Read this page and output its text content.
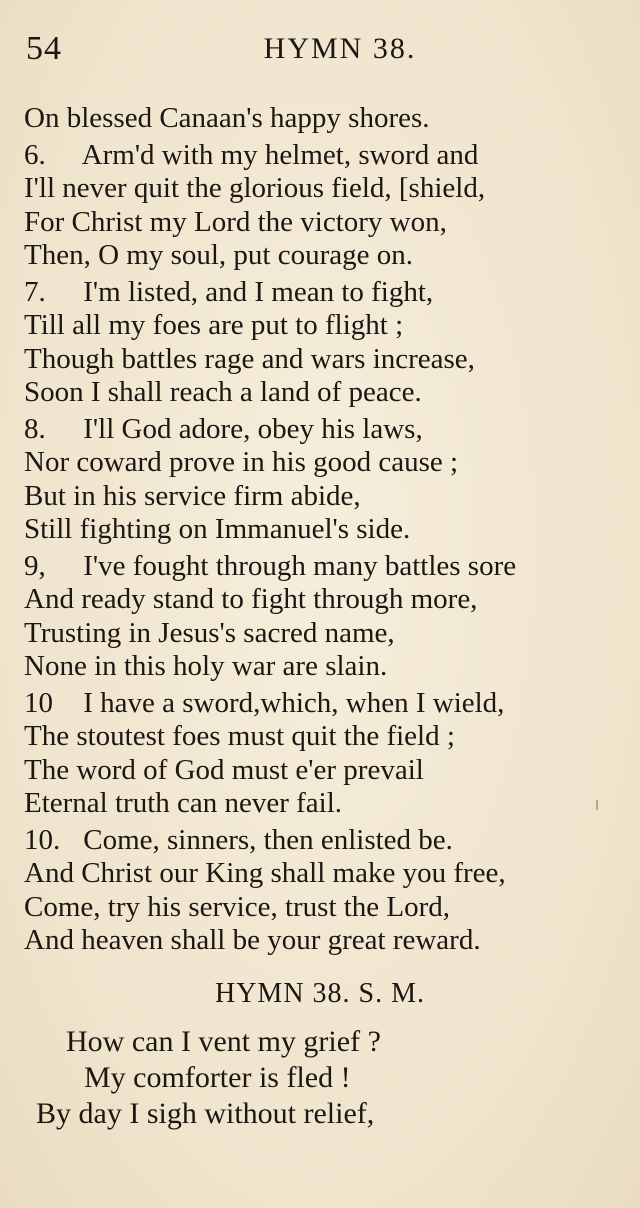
54	HYMN 38.
On blessed Canaan's happy shores.
6. Arm'd with my helmet, sword and
I'll never quit the glorious field, [shield,
For Christ my Lord the victory won,
Then, O my soul, put courage on.
7. I'm listed, and I mean to fight,
Till all my foes are put to flight ;
Though battles rage and wars increase,
Soon I shall reach a land of peace.
8. I'll God adore, obey his laws,
Nor coward prove in his good cause ;
But in his service firm abide,
Still fighting on Immanuel's side.
9, I've fought through many battles sore
And ready stand to fight through more,
Trusting in Jesus's sacred name,
None in this holy war are slain.
10 I have a sword,which, when I wield,
The stoutest foes must quit the field ;
The word of God must e'er prevail
Eternal truth can never fail.
10. Come, sinners, then enlisted be.
And Christ our King shall make you free,
Come, try his service, trust the Lord,
And heaven shall be your great reward.
HYMN 38. S. M.
How can I vent my grief ?
My comforter is fled !
By day I sigh without relief,
